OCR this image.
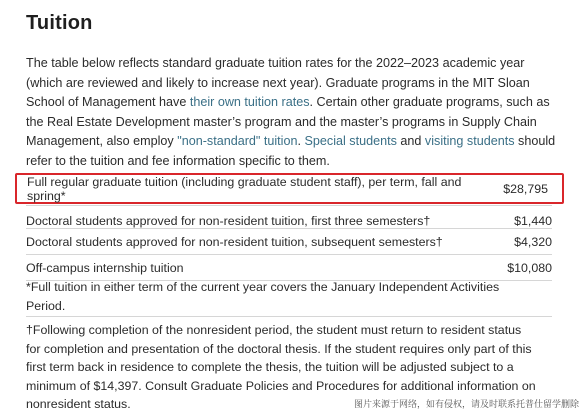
Tuition
The table below reflects standard graduate tuition rates for the 2022–2023 academic year (which are reviewed and likely to increase next year). Graduate programs in the MIT Sloan School of Management have their own tuition rates. Certain other graduate programs, such as the Real Estate Development master’s program and the master’s programs in Supply Chain Management, also employ "non-standard" tuition. Special students and visiting students should refer to the tuition and fee information specific to them.
Doctoral students approved for non-resident tuition, first three semesters†	$1,440
Doctoral students approved for non-resident tuition, subsequent semesters†	$4,320
Off-campus internship tuition	$10,080
Full regular graduate tuition (including graduate student staff), per term, fall and spring*	$28,795
*Full tuition in either term of the current year covers the January Independent Activities Period.
†Following completion of the nonresident period, the student must return to resident status for completion and presentation of the doctoral thesis. If the student requires only part of this first term back in residence to complete the thesis, the tuition will be adjusted subject to a minimum of $14,397. Consult Graduate Policies and Procedures for additional information on nonresident status.	图片来源于网络，如有侵权，请及时联系托普仕留学删除
